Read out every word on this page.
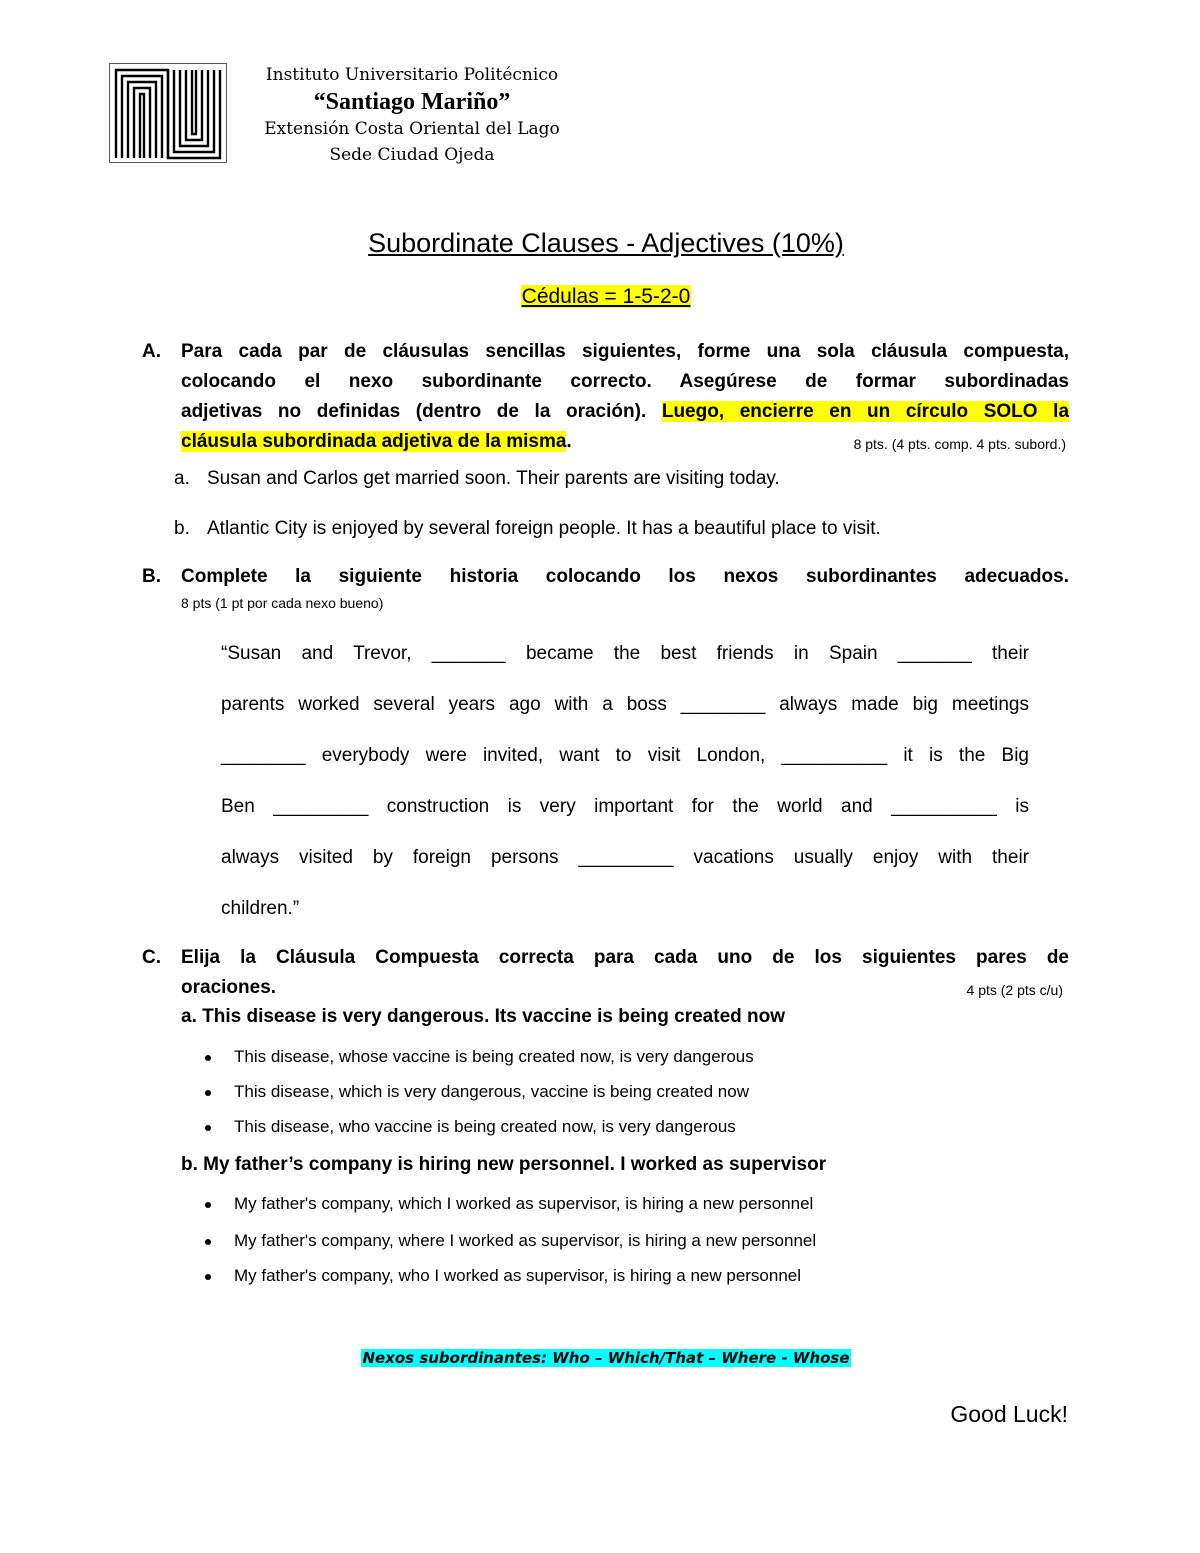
Instituto Universitario Politécnico
“Santiago Mariño”
Extensión Costa Oriental del Lago
Sede Ciudad Ojeda
Subordinate Clauses - Adjectives (10%)
Cédulas = 1-5-2-0
A. Para cada par de cláusulas sencillas siguientes, forme una sola cláusula compuesta,
colocando el nexo subordinante correcto. Asegúrese de formar subordinadas
adjetivas no definidas (dentro de la oración). Luego, encierre en un círculo SOLO la
cláusula subordinada adjetiva de la misma.	8 pts. (4 pts. comp. 4 pts. subord.)
a. Susan and Carlos get married soon. Their parents are visiting today.
b. Atlantic City is enjoyed by several foreign people. It has a beautiful place to visit.
B. Complete la siguiente historia colocando los nexos subordinantes adecuados.
8 pts (1 pt por cada nexo bueno)
“Susan and Trevor, _______ became the best friends in Spain _______ their
parents worked several years ago with a boss ________ always made big meetings
________ everybody were invited, want to visit London, __________ it is the Big
Ben _________ construction is very important for the world and __________ is
always visited by foreign persons _________ vacations usually enjoy with their
children.”
C. Elija la Cláusula Compuesta correcta para cada uno de los siguientes pares de
oraciones.	4 pts (2 pts c/u)
a. This disease is very dangerous. Its vaccine is being created now
This disease, whose vaccine is being created now, is very dangerous
This disease, which is very dangerous, vaccine is being created now
This disease, who vaccine is being created now, is very dangerous
b. My father’s company is hiring new personnel. I worked as supervisor
My father's company, which I worked as supervisor, is hiring a new personnel
My father's company, where I worked as supervisor, is hiring a new personnel
My father's company, who I worked as supervisor, is hiring a new personnel
Nexos subordinantes: Who – Which/That – Where - Whose
Good Luck!
